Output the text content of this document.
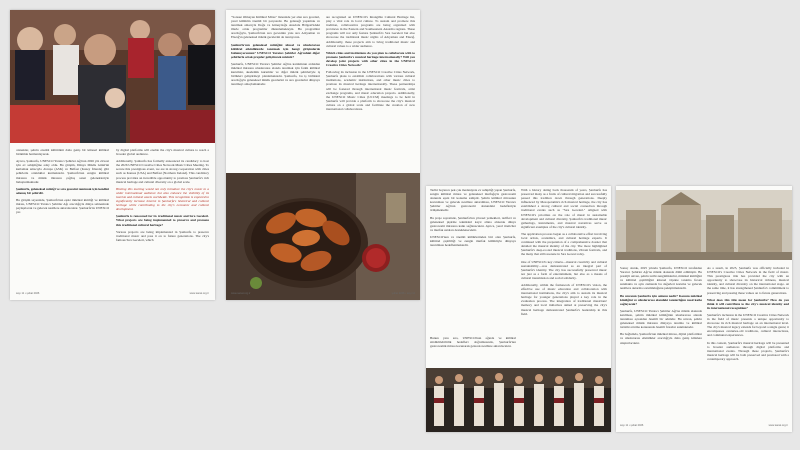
olanaklar, şehrin enstitü kültürünü daha geniş bir küresel kültürel birikimle harmanlayarak.

Ayrıca, Şanlıurfa, UNESCO Yaratıcı Şehirler Ağı'nın 2026 yılı zirvesi için ev sahipliğine aday oldu. Bu girişim, Dünya Müzik Günü'nü kutlamak amacıyla Avrupa (ASK) ve Belfast (Kuzey İrlanda) gibi şehirlerle ortaklıklar kurmaktadır. Şanlıurfa'nın zengin kültürel mirasını ve müzik mirasını çağdaş sanat gelenekleriyle buluşturmaktadır.

Şanlıurfa, geleneksel müziği ve sıra gecesini tanıtmak için kendini adamış bir şehirdir.

Bu girişim sayesinde, Şanlıurfa'nın eşsiz müzikal kimliği ve kültürel mirası, UNESCO Yaratıcı Şehirler Ağı aracılığıyla dünya sahnesinde paylaşılacak ve gelecek nesillere aktarılacaktır. Şanlıurfa'da UNESCO yer.

by digital platforms will enable the city's musical culture to reach a broader global audience.

Additionally, Şanlıurfa has formally announced its candidacy to host the 2026 UNESCO Creative Cities Network Music Cities Meeting. To secure this prestigious event, we are in strong cooperation with cities such as Kansas (USA) and Belfast (Northern Ireland). This candidacy process provides an incredible opportunity to promote Şanlıurfa's rich musical heritage and cultural diversity on a global scale.

Hosting this meeting would not only introduce the city's music to a wider international audience but also enhance the visibility of its tourism and cultural assets worldwide. This recognition is expected to significantly increase interest in Şanlıurfa's historical and cultural heritage while contributing to the city's economic and cultural development.

Şanlıurfa is renowned for its traditional music and Sıra Geceleri. What projects are being implemented to preserve and promote this traditional cultural heritage?

Various projects are being implemented in Şanlıurfa to preserve traditional music and pass it on to future generations. The city's famous Sıra Geceleri, which

sayı 11 • şubat 2026	www.sanat.org.tr

"Sonsuz Olmayan Kültürel Miras" listesinde yer alan sıra geceleri, yerel kültürün önemli bir parçasıdır. Bu geleneği yaşatmak ve tanıtmak amacıyla Doğu ve Güneydoğu Anadolu Bölgesi'ndeki illerle ortak programlar düzenlemekteyiz. Bu programlar aracılığıyla, Şanlıurfa'nın sıra gecesinin yanı sıra Adıyaman ve Elazığ'ın geleneksel müzik gecelerini de tanıtıyoruz.

Şanlıurfa'nın geleneksel müziğini ulusal ve uluslararası kültürel etkinliklerde tanıtmak için hangi girişimlerde bulunuyorsunuz? UNESCO Yaratıcı Şehirler Ağı'ndaki diğer şehirlerle ortak projeler geliştirecek misiniz?

Şanlıurfa, UNESCO Yaratıcı Şehirler Ağı'na katılımının ardından müzikal mirasını uluslararası alanda tanıtmak için farklı kültürel kurumlar, akademik kurumlar ve diğer müzik şehirleriyle iş birlikleri geliştirmeyi planlamaktadır. Şanlıurfa, bu iş birlikleri aracılığıyla geleneksel müzik gecelerini ve sıra gecelerini dünyaya tanıtmayı amaçlamaktadır.

are recognized on UNESCO's Intangible Cultural Heritage list, play a vital role in local culture. To sustain and promote this tradition, collaborative programs are being organized with provinces in the Eastern and Southeastern Anatolia regions. These programs will not only feature Şanlıurfa's Sıra Geceleri but also showcase the traditional music nights of Adıyaman and Elazığ. Additionally, these projects aim to bring traditional music and cultural values to a wider audience.

Which cities and institutions do you plan to collaborate with to promote Şanlıurfa's musical heritage internationally? Will you develop joint projects with other cities in the UNESCO Creative Cities Network?

Following its inclusion in the UNESCO Creative Cities Network, Şanlıurfa plans to establish collaborations with various cultural institutions, academic institutions, and other music cities to promote its musical heritage internationally. These partnerships will be fostered through international music festivals, artist exchange programs, and music education projects. Additionally, the UNESCO Music Cities (UCCM) meetings to be held in Şanlıurfa will provide a platform to showcase the city's musical culture on a global scale and facilitate the creation of new international collaborations.

www.sanat.org.tr	şubat 2026 • sayı 11

Tarihi boyunca pek çok medeniyete ev sahipliği yapan Şanlıurfa, zengin kültürel mirası ve geleneksel mutfağıyla gastronomi alanında eşsiz bir konuma sahiptir. Şehrin kültürel mirasının korunması ve gelecek nesillere aktarılması, UNESCO Yaratıcı Şehirler Ağı'nın gastronomi alanındaki hedefleriyle örtüşmektedir.

Bu proje sayesinde, Şanlıurfa'nın yöresel yemekleri, tarifleri ve geleneksel pişirme teknikleri kayıt altına alınarak dünya gastronomi mirasına katkı sağlanacaktır. Ayrıca, yerel üreticiler ve mutfak ustaları desteklenecektir.

UNESCO'nun ve önemli kültürlerinden biri olan Şanlıurfa, kültürel çeşitliliği ve zengin mutfak kültürüyle dünyaya tanıtılması hedeflenmektedir.

With a history dating back thousands of years, Şanlıurfa has preserved many as a fruits of cultural migration and successfully passed this tradition down through generations. Deeply influenced by Mesopotamia's rich musical heritage, the city has established a strong cultural and social connection through traditional events such as "Sıra Geceleri." Aligned with UNESCO's priorities on the role of music in sustainable development and cultural diversity, Şanlıurfa's traditional music gatherings, instruments, and musical narratives serve as significant examples of the city's cultural identity.

The application process began as a collaborative effort involving local artists, academics, and cultural heritage experts. It continued with the preparation of a comprehensive dossier that detailed the musical identity of the city. The more highlighted Şanlıurfa's deep-rooted musical traditions, vibrant festivals, and the many that still resonate in Sıra Gecesi today.

One of UNESCO's key criteria—musical creativity and cultural sustainability—was demonstrated as an integral part of Şanlıurfa's identity. The city has successfully preserved music not just as a form of entertainment, but also as a means of cultural transmission and social solidarity.

Additionally, within the framework of UNESCO's vision, the effective use of music education and collaboration with international institutions, the city's aim to sustain its musical heritage for younger generations played a key role in the evaluation process. The integration of traditional musicians' memory and local initiatives aimed at preserving the city's musical heritage demonstrated Şanlıurfa's leadership in this field.

Bunun yanı sıra, UNESCO'nun ağında ve kültürel sürdürülebilirlik hedefleri doğrultusunda, Şanlıurfa'nın gastronomik mirası korunarak gelecek nesillere aktarılacaktır.

Sonuç olarak, 2025 yılında Şanlıurfa, UNESCO tarafından Yaratıcı Şehirler Ağı'na müzik alanında dâhil edilmiştir. Bu prestijli unvan, şehrin tarihi zenginliklerini, müzikal kimliğini ve kültürel çeşitliliğini küresel ölçekte tanıtma fırsatı sunmakta ve aynı zamanda bu değerleri koruma ve gelecek nesillere aktarma sorumluluğunu pekiştirmektedir.

Bu unvanın Şanlıurfa için anlamı nedir? Konum müzikal kimliğini ve uluslararası alandaki tanınırlığını nasıl katkı sağlayacak?

Şanlıurfa, UNESCO Yaratıcı Şehirler Ağı'na müzik alanında katılması, şehrin müzikal kimliğinin uluslararası alanda tanınması açısından önemli bir adımdır. Bu unvan, şehrin geleneksel müzik mirasını dünyaya tanıtma ve kültürel turizmi artırma konusunda önemli fırsatlar sunmaktadır.

Bu bağlamda, Şanlıurfa'nın müzikal mirası, dijital platformlar ve uluslararası etkinlikler aracılığıyla daha geniş kitlelere ulaştırılacaktır.

As a result, in 2025, Şanlıurfa was officially included in UNESCO's Creative Cities Network in the field of music. This prestigious title has provided the city with an opportunity to showcase its historical richness, musical identity, and cultural diversity on the international stage. At the same time, it has strengthened Şanlıurfa's commitment to preserving and passing these values on to future generations.

What does this title mean for Şanlıurfa? How do you think it will contribute to the city's musical identity and its international recognition?

Şanlıurfa's inclusion in the UNESCO Creative Cities Network in the field of music presents a unique opportunity to showcase its rich musical heritage on an international level. The city's musical legacy extends far beyond a single genre; it encompasses centuries-old traditions, cultural interactions, and communal experiences.

In this context, Şanlıurfa's musical heritage will be presented to broader audiences through digital platforms and international events. Through these projects, Şanlıurfa's musical heritage will be both preserved and promoted with a contemporary approach.

sayı 11 • şubat 2026	www.sanat.org.tr
